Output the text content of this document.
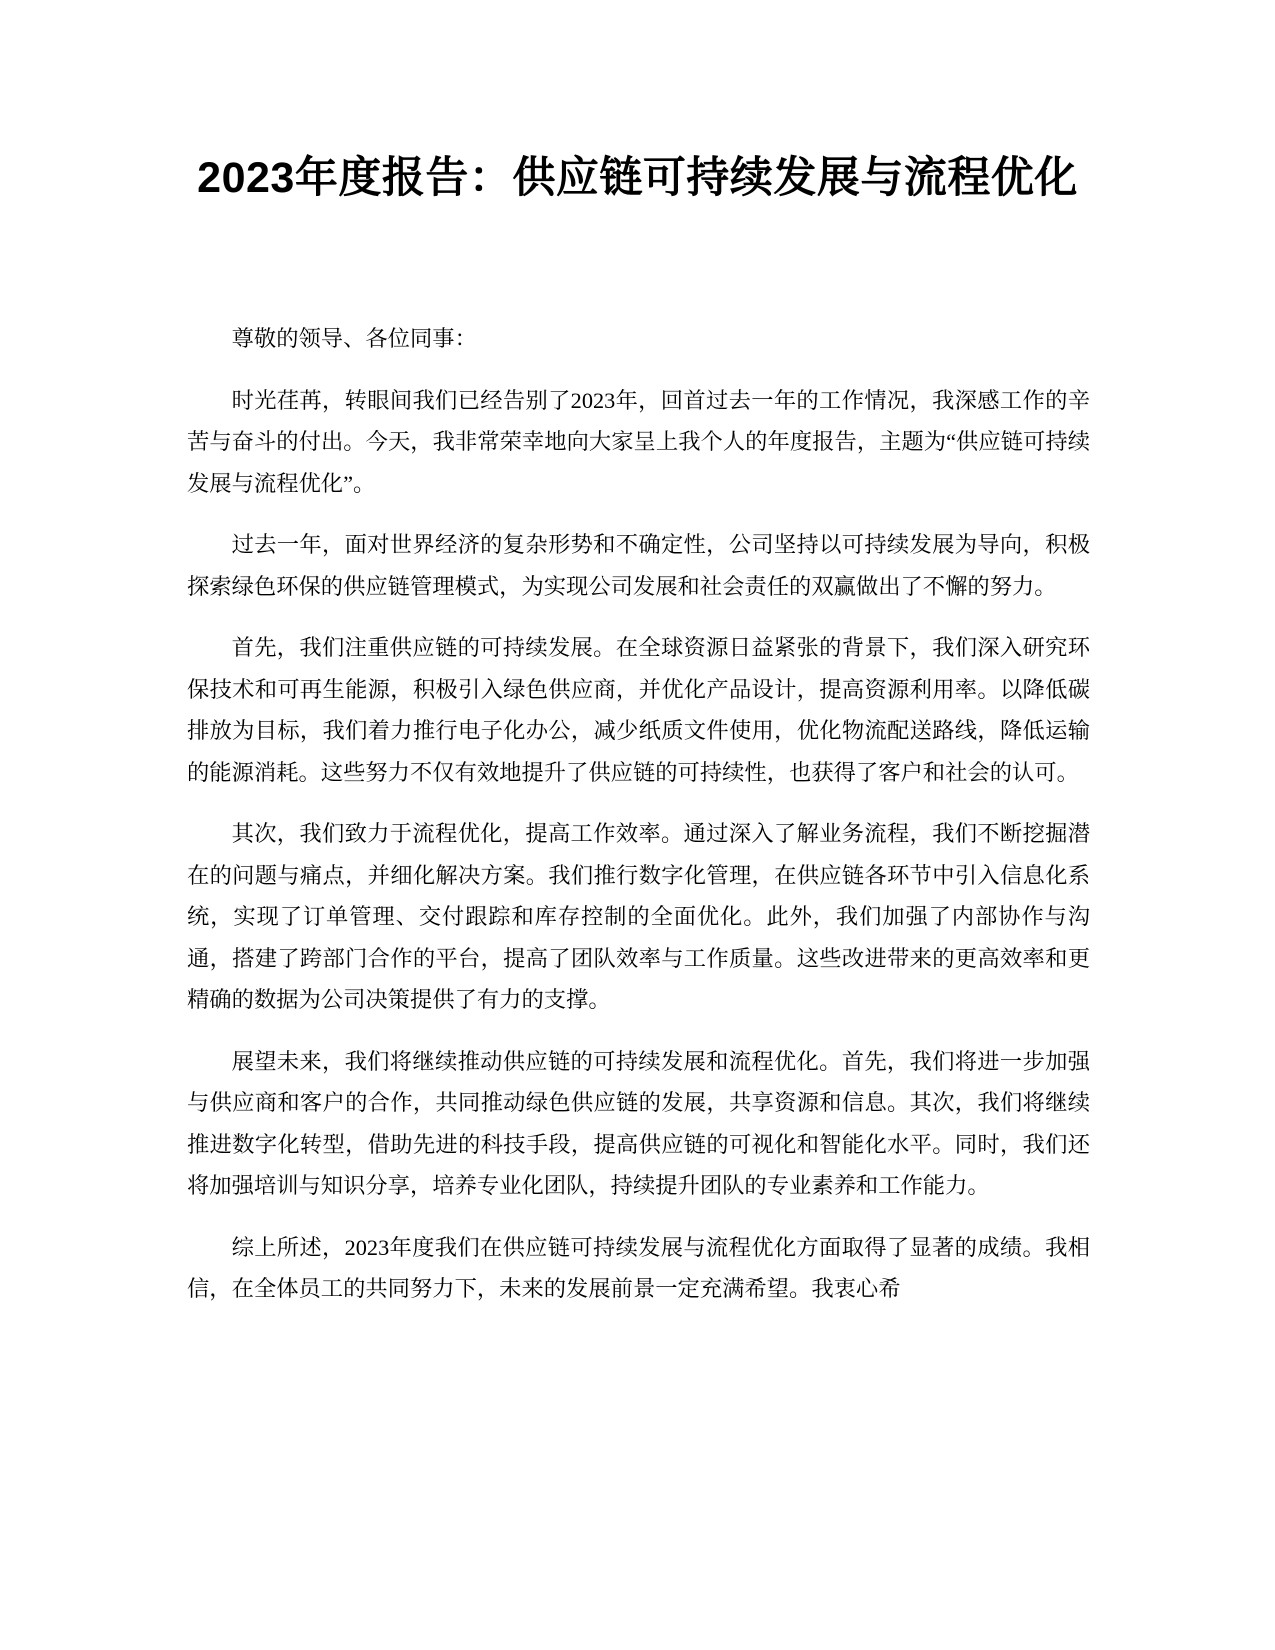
2023年度报告：供应链可持续发展与流程优化

尊敬的领导、各位同事：

时光荏苒，转眼间我们已经告别了2023年，回首过去一年的工作情况，我深感工作的辛苦与奋斗的付出。今天，我非常荣幸地向大家呈上我个人的年度报告，主题为“供应链可持续发展与流程优化”。

过去一年，面对世界经济的复杂形势和不确定性，公司坚持以可持续发展为导向，积极探索绿色环保的供应链管理模式，为实现公司发展和社会责任的双赢做出了不懈的努力。

首先，我们注重供应链的可持续发展。在全球资源日益紧张的背景下，我们深入研究环保技术和可再生能源，积极引入绿色供应商，并优化产品设计，提高资源利用率。以降低碳排放为目标，我们着力推行电子化办公，减少纸质文件使用，优化物流配送路线，降低运输的能源消耗。这些努力不仅有效地提升了供应链的可持续性，也获得了客户和社会的认可。

其次，我们致力于流程优化，提高工作效率。通过深入了解业务流程，我们不断挖掘潜在的问题与痛点，并细化解决方案。我们推行数字化管理，在供应链各环节中引入信息化系统，实现了订单管理、交付跟踪和库存控制的全面优化。此外，我们加强了内部协作与沟通，搭建了跨部门合作的平台，提高了团队效率与工作质量。这些改进带来的更高效率和更精确的数据为公司决策提供了有力的支撑。

展望未来，我们将继续推动供应链的可持续发展和流程优化。首先，我们将进一步加强与供应商和客户的合作，共同推动绿色供应链的发展，共享资源和信息。其次，我们将继续推进数字化转型，借助先进的科技手段，提高供应链的可视化和智能化水平。同时，我们还将加强培训与知识分享，培养专业化团队，持续提升团队的专业素养和工作能力。

综上所述，2023年度我们在供应链可持续发展与流程优化方面取得了显著的成绩。我相信，在全体员工的共同努力下，未来的发展前景一定充满希望。我衷心希
